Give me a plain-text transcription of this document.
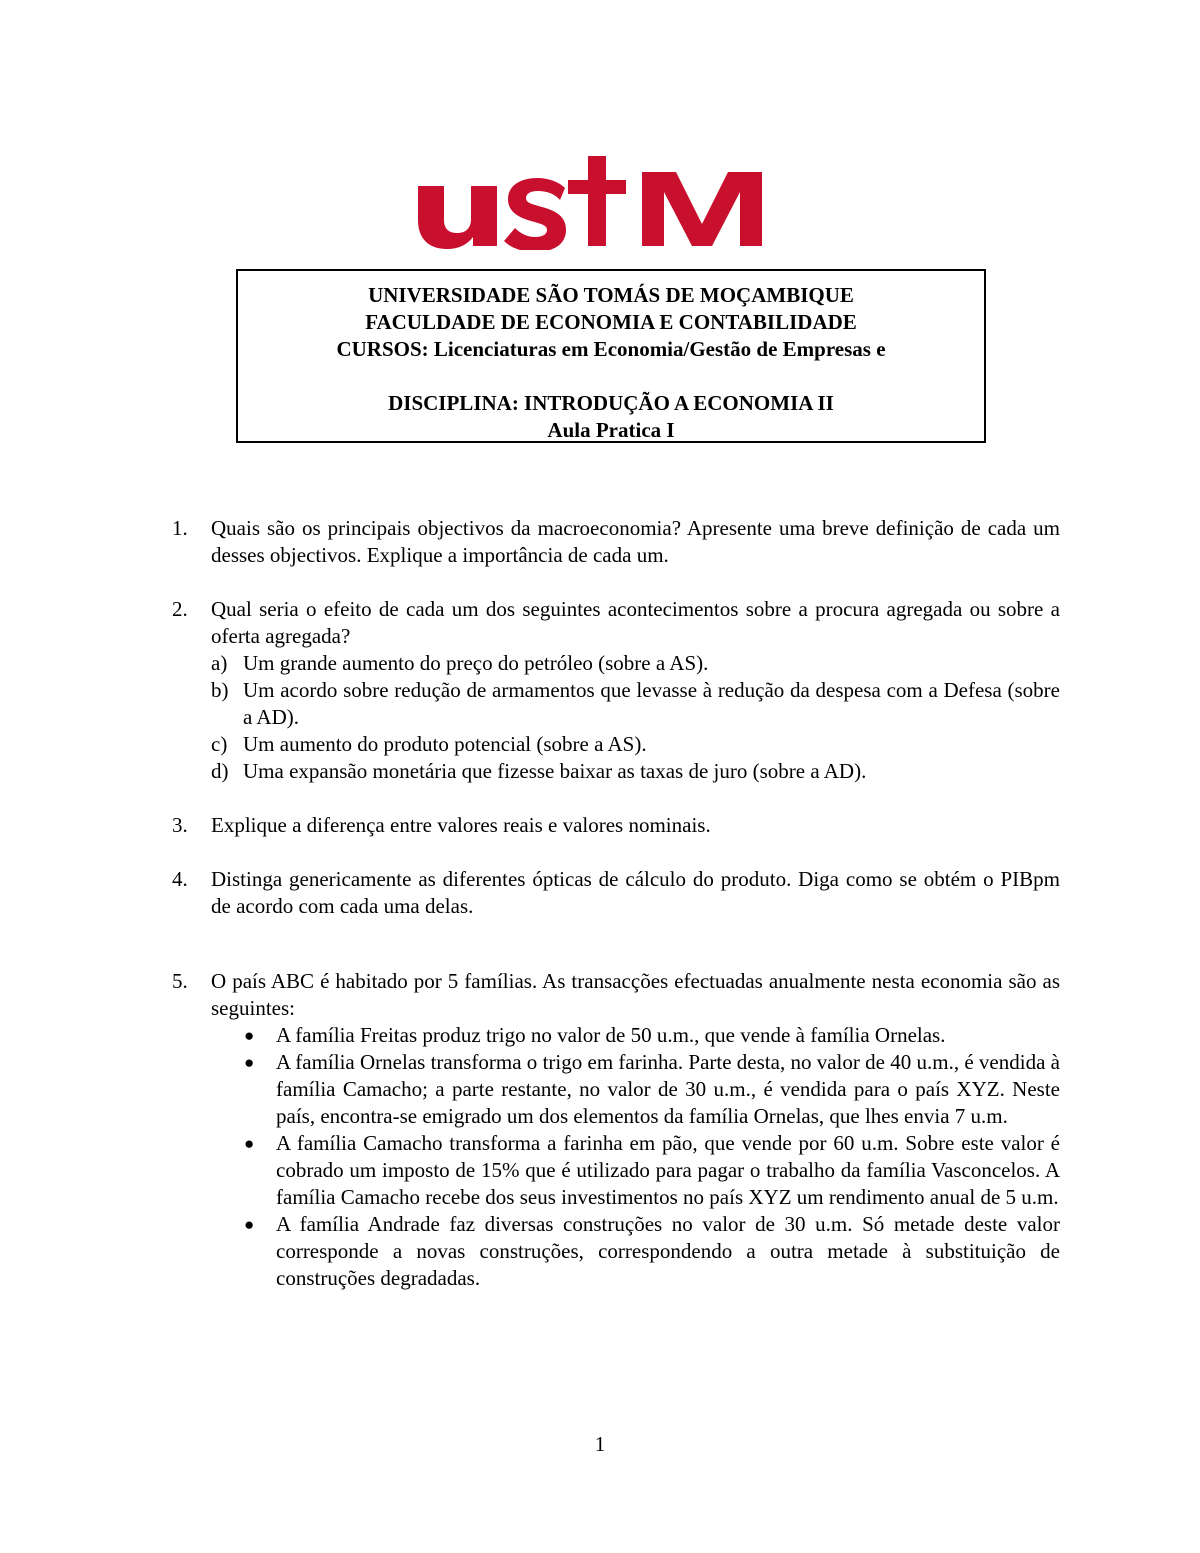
UNIVERSIDADE SÃO TOMÁS DE MOÇAMBIQUE
FACULDADE DE ECONOMIA E CONTABILIDADE
CURSOS: Licenciaturas em Economia/Gestão de Empresas e
DISCIPLINA: INTRODUÇÃO A ECONOMIA II
Aula Pratica I
1. Quais são os principais objectivos da macroeconomia? Apresente uma breve definição de cada um desses objectivos. Explique a importância de cada um.
2. Qual seria o efeito de cada um dos seguintes acontecimentos sobre a procura agregada ou sobre a oferta agregada?
a) Um grande aumento do preço do petróleo (sobre a AS).
b) Um acordo sobre redução de armamentos que levasse à redução da despesa com a Defesa (sobre a AD).
c) Um aumento do produto potencial (sobre a AS).
d) Uma expansão monetária que fizesse baixar as taxas de juro (sobre a AD).
3. Explique a diferença entre valores reais e valores nominais.
4. Distinga genericamente as diferentes ópticas de cálculo do produto. Diga como se obtém o PIBpm de acordo com cada uma delas.
5. O país ABC é habitado por 5 famílias. As transacções efectuadas anualmente nesta economia são as seguintes:
● A família Freitas produz trigo no valor de 50 u.m., que vende à família Ornelas.
● A família Ornelas transforma o trigo em farinha. Parte desta, no valor de 40 u.m., é vendida à família Camacho; a parte restante, no valor de 30 u.m., é vendida para o país XYZ. Neste país, encontra-se emigrado um dos elementos da família Ornelas, que lhes envia 7 u.m.
● A família Camacho transforma a farinha em pão, que vende por 60 u.m. Sobre este valor é cobrado um imposto de 15% que é utilizado para pagar o trabalho da família Vasconcelos. A família Camacho recebe dos seus investimentos no país XYZ um rendimento anual de 5 u.m.
● A família Andrade faz diversas construções no valor de 30 u.m. Só metade deste valor corresponde a novas construções, correspondendo a outra metade à substituição de construções degradadas.
1
